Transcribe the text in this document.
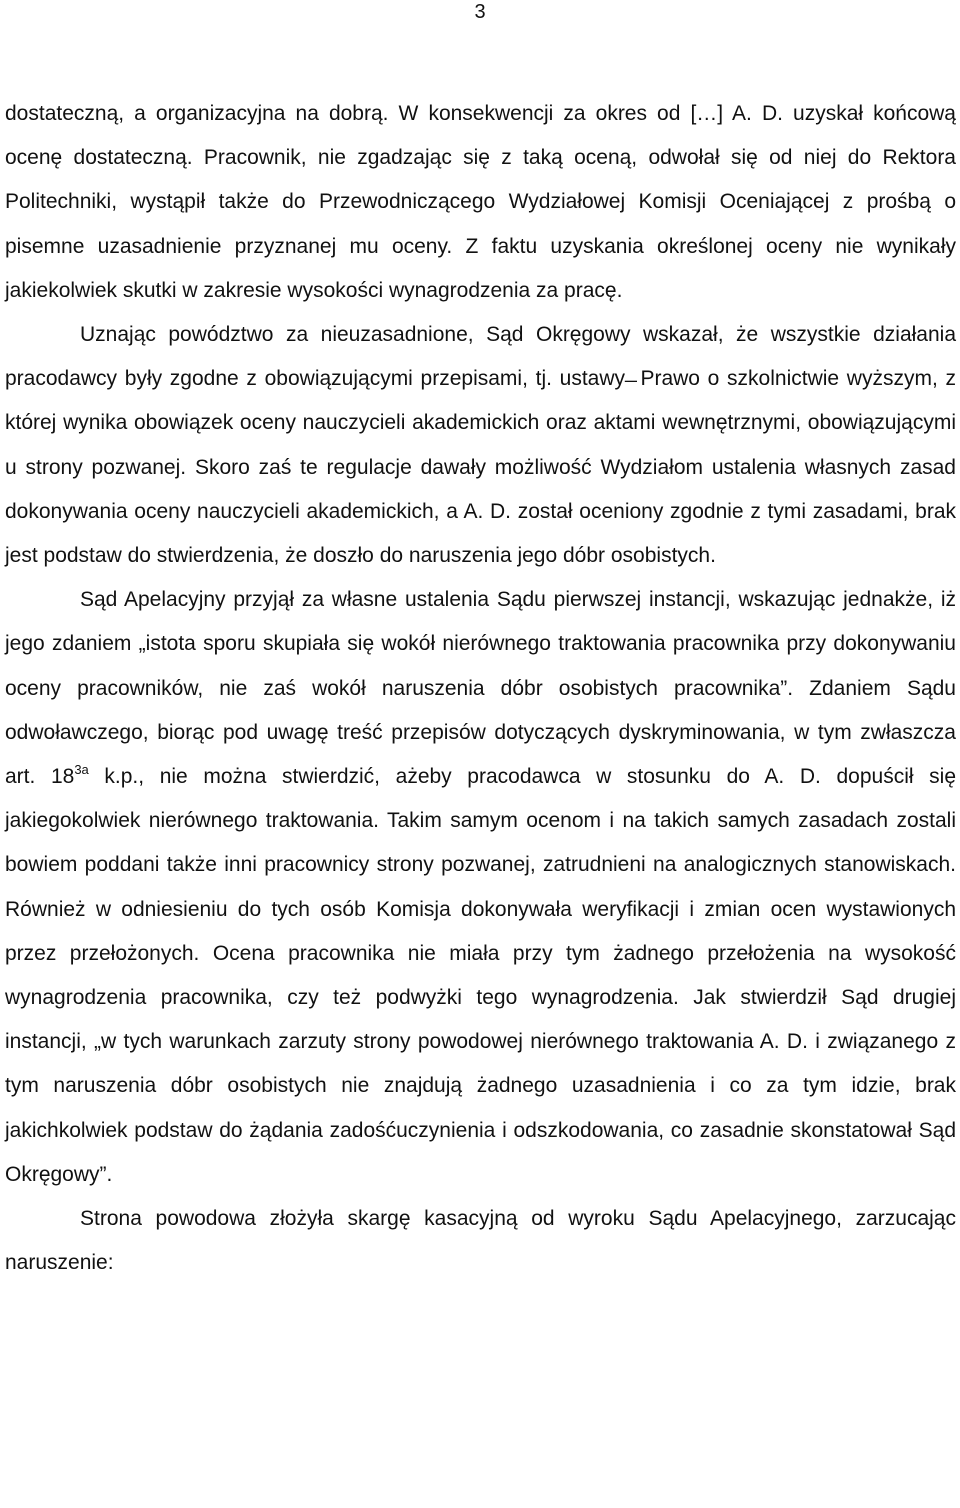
3

dostateczną, a organizacyjna na dobrą. W konsekwencji za okres od […] A. D. uzyskał końcową ocenę dostateczną. Pracownik, nie zgadzając się z taką oceną, odwołał się od niej do Rektora Politechniki, wystąpił także do Przewodniczącego Wydziałowej Komisji Oceniającej z prośbą o pisemne uzasadnienie przyznanej mu oceny. Z faktu uzyskania określonej oceny nie wynikały jakiekolwiek skutki w zakresie wysokości wynagrodzenia za pracę.

Uznając powództwo za nieuzasadnione, Sąd Okręgowy wskazał, że wszystkie działania pracodawcy były zgodne z obowiązującymi przepisami, tj. ustawy ̶ Prawo o szkolnictwie wyższym, z której wynika obowiązek oceny nauczycieli akademickich oraz aktami wewnętrznymi, obowiązującymi u strony pozwanej. Skoro zaś te regulacje dawały możliwość Wydziałom ustalenia własnych zasad dokonywania oceny nauczycieli akademickich, a A. D. został oceniony zgodnie z tymi zasadami, brak jest podstaw do stwierdzenia, że doszło do naruszenia jego dóbr osobistych.

Sąd Apelacyjny przyjął za własne ustalenia Sądu pierwszej instancji, wskazując jednakże, iż jego zdaniem „istota sporu skupiała się wokół nierównego traktowania pracownika przy dokonywaniu oceny pracowników, nie zaś wokół naruszenia dóbr osobistych pracownika”. Zdaniem Sądu odwoławczego, biorąc pod uwagę treść przepisów dotyczących dyskryminowania, w tym zwłaszcza art. $18^{3a}$ k.p., nie można stwierdzić, ażeby pracodawca w stosunku do A. D. dopuścił się jakiegokolwiek nierównego traktowania. Takim samym ocenom i na takich samych zasadach zostali bowiem poddani także inni pracownicy strony pozwanej, zatrudnieni na analogicznych stanowiskach. Również w odniesieniu do tych osób Komisja dokonywała weryfikacji i zmian ocen wystawionych przez przełożonych. Ocena pracownika nie miała przy tym żadnego przełożenia na wysokość wynagrodzenia pracownika, czy też podwyżki tego wynagrodzenia. Jak stwierdził Sąd drugiej instancji, „w tych warunkach zarzuty strony powodowej nierównego traktowania A. D. i związanego z tym naruszenia dóbr osobistych nie znajdują żadnego uzasadnienia i co za tym idzie, brak jakichkolwiek podstaw do żądania zadośćuczynienia i odszkodowania, co zasadnie skonstatował Sąd Okręgowy”.

Strona powodowa złożyła skargę kasacyjną od wyroku Sądu Apelacyjnego, zarzucając naruszenie:
